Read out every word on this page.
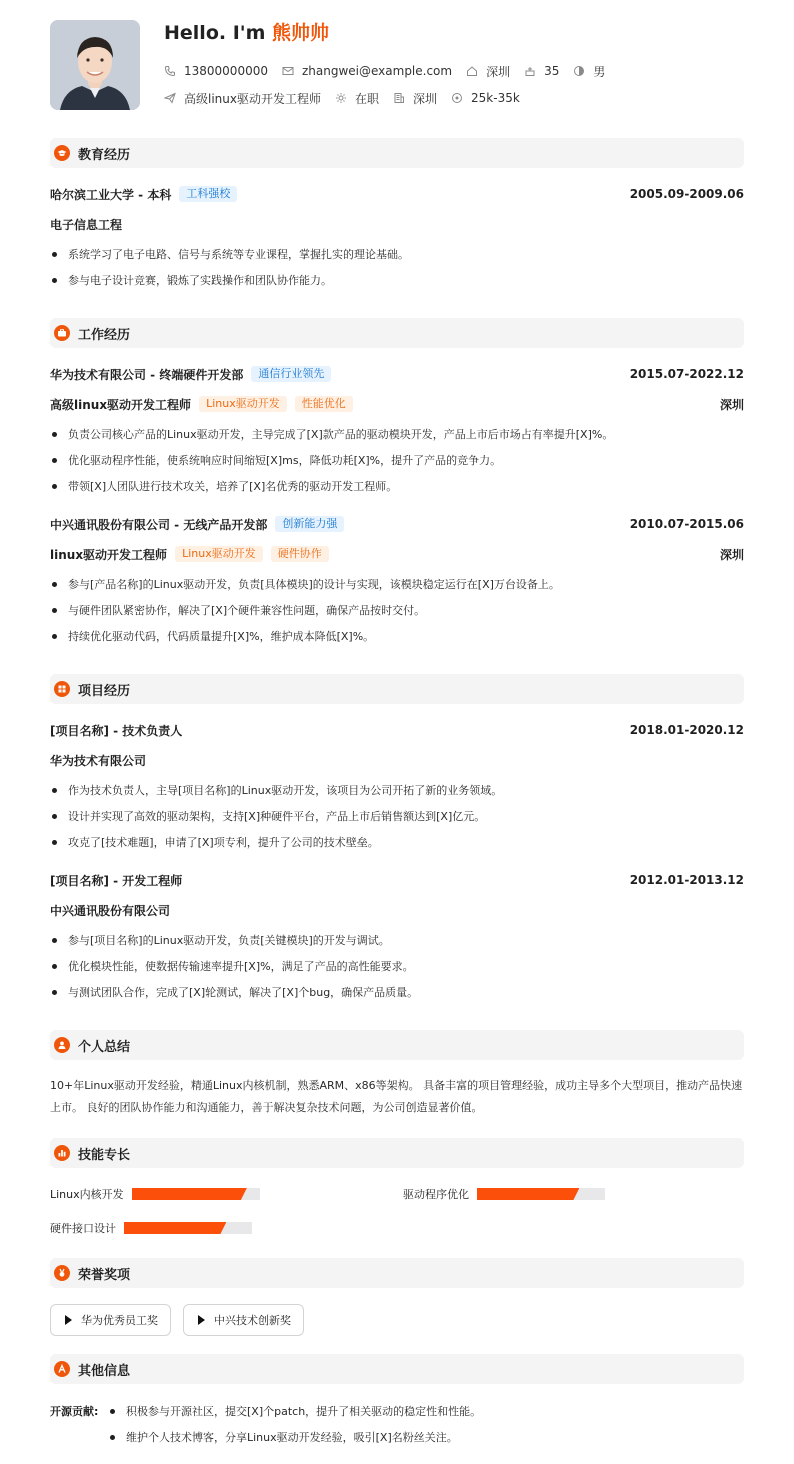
Hello. I'm 熊帅帅
13800000000	zhangwei@example.com	深圳	35	男
高级linux驱动开发工程师	在职	深圳	25k-35k
教育经历
哈尔滨工业大学 - 本科	工科强校	2005.09-2009.06
电子信息工程
系统学习了电子电路、信号与系统等专业课程，掌握扎实的理论基础。
参与电子设计竞赛，锻炼了实践操作和团队协作能力。
工作经历
华为技术有限公司 - 终端硬件开发部	通信行业领先	2015.07-2022.12
高级linux驱动开发工程师	Linux驱动开发	性能优化	深圳
负责公司核心产品的Linux驱动开发，主导完成了[X]款产品的驱动模块开发，产品上市后市场占有率提升[X]%。
优化驱动程序性能，使系统响应时间缩短[X]ms，降低功耗[X]%，提升了产品的竞争力。
带领[X]人团队进行技术攻关，培养了[X]名优秀的驱动开发工程师。
中兴通讯股份有限公司 - 无线产品开发部	创新能力强	2010.07-2015.06
linux驱动开发工程师	Linux驱动开发	硬件协作	深圳
参与[产品名称]的Linux驱动开发，负责[具体模块]的设计与实现，该模块稳定运行在[X]万台设备上。
与硬件团队紧密协作，解决了[X]个硬件兼容性问题，确保产品按时交付。
持续优化驱动代码，代码质量提升[X]%，维护成本降低[X]%。
项目经历
[项目名称] - 技术负责人	2018.01-2020.12
华为技术有限公司
作为技术负责人，主导[项目名称]的Linux驱动开发，该项目为公司开拓了新的业务领域。
设计并实现了高效的驱动架构，支持[X]种硬件平台，产品上市后销售额达到[X]亿元。
攻克了[技术难题]，申请了[X]项专利，提升了公司的技术壁垒。
[项目名称] - 开发工程师	2012.01-2013.12
中兴通讯股份有限公司
参与[项目名称]的Linux驱动开发，负责[关键模块]的开发与调试。
优化模块性能，使数据传输速率提升[X]%，满足了产品的高性能要求。
与测试团队合作，完成了[X]轮测试，解决了[X]个bug，确保产品质量。
个人总结
10+年Linux驱动开发经验，精通Linux内核机制，熟悉ARM、x86等架构。 具备丰富的项目管理经验，成功主导多个大型项目，推动产品快速上市。 良好的团队协作能力和沟通能力，善于解决复杂技术问题，为公司创造显著价值。
技能专长
Linux内核开发	驱动程序优化
硬件接口设计
荣誉奖项
华为优秀员工奖	中兴技术创新奖
其他信息
开源贡献:	积极参与开源社区，提交[X]个patch，提升了相关驱动的稳定性和性能。
维护个人技术博客，分享Linux驱动开发经验，吸引[X]名粉丝关注。
